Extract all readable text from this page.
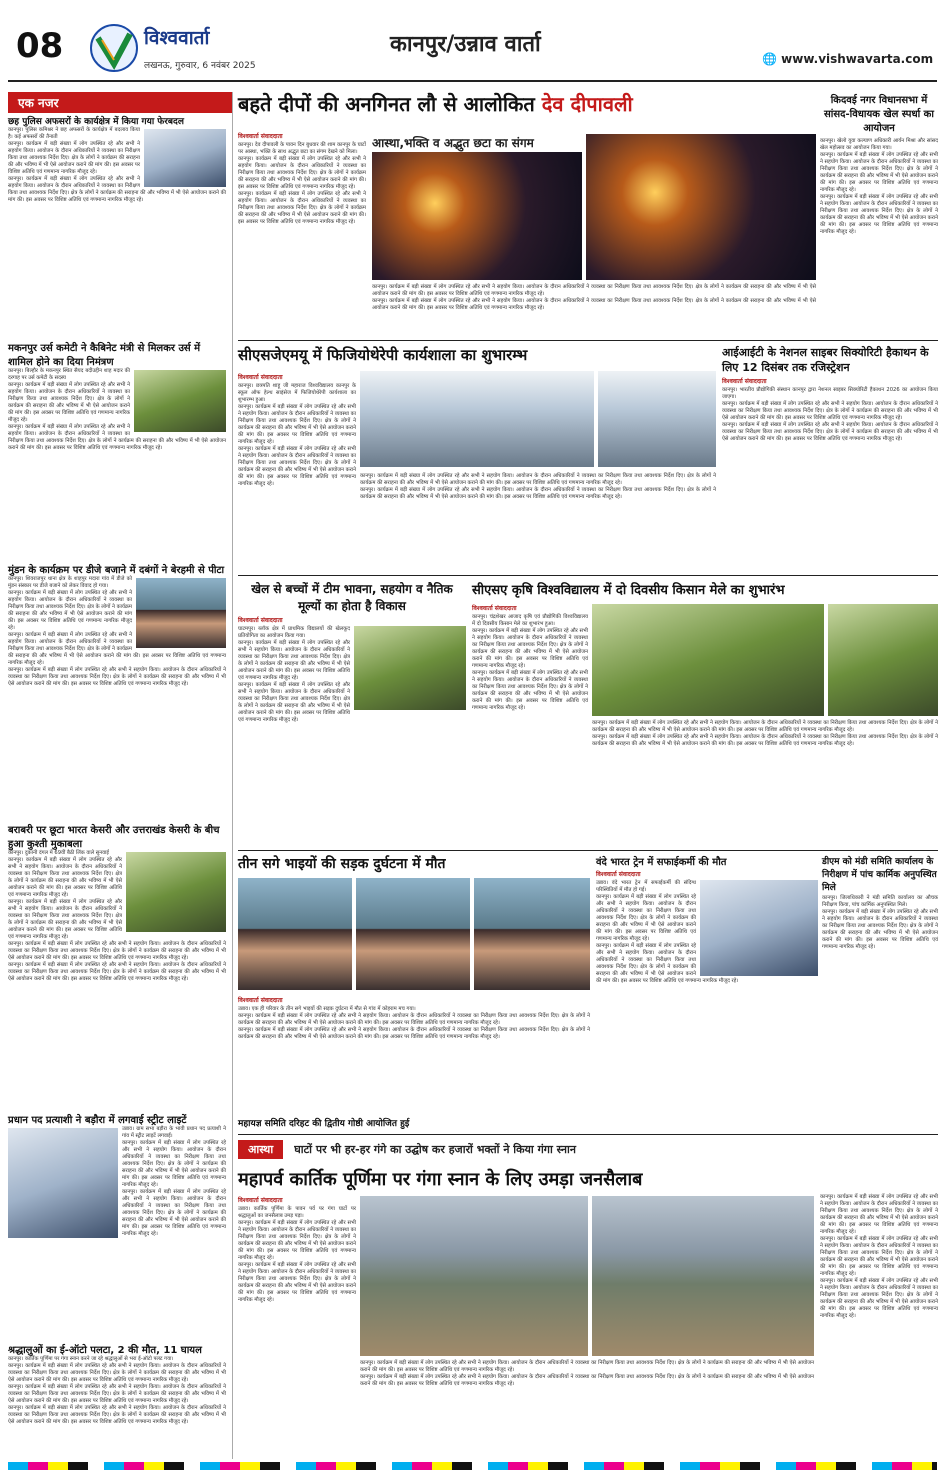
08	विश्ववार्ता
लखनऊ, गुरुवार, 6 नवंबर 2025
कानपुर/उन्नाव वार्ता
🌐 www.vishwavarta.com
एक नजर
छह पुलिस अफसरों के कार्यक्षेत्र में किया गया फेरबदल
कानपुर। पुलिस कमिश्नर ने छह अफसरों के कार्यक्षेत्र में बदलाव किया है। कई अफसरों की तैनाती
कानपुर। कार्यक्रम में बड़ी संख्या में लोग उपस्थित रहे और सभी ने सहयोग किया। आयोजन के दौरान अधिकारियों ने व्यवस्था का निरीक्षण किया तथा आवश्यक निर्देश दिए। क्षेत्र के लोगों ने कार्यक्रम की सराहना की और भविष्य में भी ऐसे आयोजन कराने की मांग की। इस अवसर पर विशिष्ट अतिथि एवं गणमान्य नागरिक मौजूद रहे।
कानपुर। कार्यक्रम में बड़ी संख्या में लोग उपस्थित रहे और सभी ने सहयोग किया। आयोजन के दौरान अधिकारियों ने व्यवस्था का निरीक्षण किया तथा आवश्यक निर्देश दिए। क्षेत्र के लोगों ने कार्यक्रम की सराहना की और भविष्य में भी ऐसे आयोजन कराने की मांग की। इस अवसर पर विशिष्ट अतिथि एवं गणमान्य नागरिक मौजूद रहे।
मकनपुर उर्स कमेटी ने कैबिनेट मंत्री से मिलकर उर्स में शामिल होने का दिया निमंत्रण
कानपुर। बिल्हौर के मकनपुर स्थित सैयद बदीउद्दीन शाह मदार की दरगाह पर उर्स कमेटी के सदस्य
कानपुर। कार्यक्रम में बड़ी संख्या में लोग उपस्थित रहे और सभी ने सहयोग किया। आयोजन के दौरान अधिकारियों ने व्यवस्था का निरीक्षण किया तथा आवश्यक निर्देश दिए। क्षेत्र के लोगों ने कार्यक्रम की सराहना की और भविष्य में भी ऐसे आयोजन कराने की मांग की। इस अवसर पर विशिष्ट अतिथि एवं गणमान्य नागरिक मौजूद रहे।
कानपुर। कार्यक्रम में बड़ी संख्या में लोग उपस्थित रहे और सभी ने सहयोग किया। आयोजन के दौरान अधिकारियों ने व्यवस्था का निरीक्षण किया तथा आवश्यक निर्देश दिए। क्षेत्र के लोगों ने कार्यक्रम की सराहना की और भविष्य में भी ऐसे आयोजन कराने की मांग की। इस अवसर पर विशिष्ट अतिथि एवं गणमान्य नागरिक मौजूद रहे।
मुंडन के कार्यक्रम पर डीजे बजाने में दबंगों ने बेरहमी से पीटा
कानपुर। शिवराजपुर थाना क्षेत्र के शाहपुर मदारा गांव में डीजे को मुंडन संस्कार पर डीजे बजाने को लेकर विवाद हो गया।
कानपुर। कार्यक्रम में बड़ी संख्या में लोग उपस्थित रहे और सभी ने सहयोग किया। आयोजन के दौरान अधिकारियों ने व्यवस्था का निरीक्षण किया तथा आवश्यक निर्देश दिए। क्षेत्र के लोगों ने कार्यक्रम की सराहना की और भविष्य में भी ऐसे आयोजन कराने की मांग की। इस अवसर पर विशिष्ट अतिथि एवं गणमान्य नागरिक मौजूद रहे।
कानपुर। कार्यक्रम में बड़ी संख्या में लोग उपस्थित रहे और सभी ने सहयोग किया। आयोजन के दौरान अधिकारियों ने व्यवस्था का निरीक्षण किया तथा आवश्यक निर्देश दिए। क्षेत्र के लोगों ने कार्यक्रम की सराहना की और भविष्य में भी ऐसे आयोजन कराने की मांग की। इस अवसर पर विशिष्ट अतिथि एवं गणमान्य नागरिक मौजूद रहे।
कानपुर। कार्यक्रम में बड़ी संख्या में लोग उपस्थित रहे और सभी ने सहयोग किया। आयोजन के दौरान अधिकारियों ने व्यवस्था का निरीक्षण किया तथा आवश्यक निर्देश दिए। क्षेत्र के लोगों ने कार्यक्रम की सराहना की और भविष्य में भी ऐसे आयोजन कराने की मांग की। इस अवसर पर विशिष्ट अतिथि एवं गणमान्य नागरिक मौजूद रहे।
बराबरी पर छूटा भारत केसरी और उत्तराखंड केसरी के बीच हुआ कुश्ती मुकाबला
कानपुर। दुकानी दंगल में 69वीं बैठी लिंक वाले सुनवाई
कानपुर। कार्यक्रम में बड़ी संख्या में लोग उपस्थित रहे और सभी ने सहयोग किया। आयोजन के दौरान अधिकारियों ने व्यवस्था का निरीक्षण किया तथा आवश्यक निर्देश दिए। क्षेत्र के लोगों ने कार्यक्रम की सराहना की और भविष्य में भी ऐसे आयोजन कराने की मांग की। इस अवसर पर विशिष्ट अतिथि एवं गणमान्य नागरिक मौजूद रहे।
कानपुर। कार्यक्रम में बड़ी संख्या में लोग उपस्थित रहे और सभी ने सहयोग किया। आयोजन के दौरान अधिकारियों ने व्यवस्था का निरीक्षण किया तथा आवश्यक निर्देश दिए। क्षेत्र के लोगों ने कार्यक्रम की सराहना की और भविष्य में भी ऐसे आयोजन कराने की मांग की। इस अवसर पर विशिष्ट अतिथि एवं गणमान्य नागरिक मौजूद रहे।
कानपुर। कार्यक्रम में बड़ी संख्या में लोग उपस्थित रहे और सभी ने सहयोग किया। आयोजन के दौरान अधिकारियों ने व्यवस्था का निरीक्षण किया तथा आवश्यक निर्देश दिए। क्षेत्र के लोगों ने कार्यक्रम की सराहना की और भविष्य में भी ऐसे आयोजन कराने की मांग की। इस अवसर पर विशिष्ट अतिथि एवं गणमान्य नागरिक मौजूद रहे।
कानपुर। कार्यक्रम में बड़ी संख्या में लोग उपस्थित रहे और सभी ने सहयोग किया। आयोजन के दौरान अधिकारियों ने व्यवस्था का निरीक्षण किया तथा आवश्यक निर्देश दिए। क्षेत्र के लोगों ने कार्यक्रम की सराहना की और भविष्य में भी ऐसे आयोजन कराने की मांग की। इस अवसर पर विशिष्ट अतिथि एवं गणमान्य नागरिक मौजूद रहे।
प्रधान पद प्रत्याशी ने बड़ौरा में लगवाई स्ट्रीट लाइटें
उन्नाव। ग्राम सभा बड़ौरा के भावी प्रधान पद प्रत्याशी ने गांव में स्ट्रीट लाइटें लगवाईं।
कानपुर। कार्यक्रम में बड़ी संख्या में लोग उपस्थित रहे और सभी ने सहयोग किया। आयोजन के दौरान अधिकारियों ने व्यवस्था का निरीक्षण किया तथा आवश्यक निर्देश दिए। क्षेत्र के लोगों ने कार्यक्रम की सराहना की और भविष्य में भी ऐसे आयोजन कराने की मांग की। इस अवसर पर विशिष्ट अतिथि एवं गणमान्य नागरिक मौजूद रहे।
कानपुर। कार्यक्रम में बड़ी संख्या में लोग उपस्थित रहे और सभी ने सहयोग किया। आयोजन के दौरान अधिकारियों ने व्यवस्था का निरीक्षण किया तथा आवश्यक निर्देश दिए। क्षेत्र के लोगों ने कार्यक्रम की सराहना की और भविष्य में भी ऐसे आयोजन कराने की मांग की। इस अवसर पर विशिष्ट अतिथि एवं गणमान्य नागरिक मौजूद रहे।
श्रद्धालुओं का ई-ऑटो पलटा, 2 की मौत, 11 घायल
कानपुर। कार्तिक पूर्णिमा पर गंगा स्नान करने जा रहे श्रद्धालुओं से भरा ई-ऑटो पलट गया।
कानपुर। कार्यक्रम में बड़ी संख्या में लोग उपस्थित रहे और सभी ने सहयोग किया। आयोजन के दौरान अधिकारियों ने व्यवस्था का निरीक्षण किया तथा आवश्यक निर्देश दिए। क्षेत्र के लोगों ने कार्यक्रम की सराहना की और भविष्य में भी ऐसे आयोजन कराने की मांग की। इस अवसर पर विशिष्ट अतिथि एवं गणमान्य नागरिक मौजूद रहे।
कानपुर। कार्यक्रम में बड़ी संख्या में लोग उपस्थित रहे और सभी ने सहयोग किया। आयोजन के दौरान अधिकारियों ने व्यवस्था का निरीक्षण किया तथा आवश्यक निर्देश दिए। क्षेत्र के लोगों ने कार्यक्रम की सराहना की और भविष्य में भी ऐसे आयोजन कराने की मांग की। इस अवसर पर विशिष्ट अतिथि एवं गणमान्य नागरिक मौजूद रहे।
कानपुर। कार्यक्रम में बड़ी संख्या में लोग उपस्थित रहे और सभी ने सहयोग किया। आयोजन के दौरान अधिकारियों ने व्यवस्था का निरीक्षण किया तथा आवश्यक निर्देश दिए। क्षेत्र के लोगों ने कार्यक्रम की सराहना की और भविष्य में भी ऐसे आयोजन कराने की मांग की। इस अवसर पर विशिष्ट अतिथि एवं गणमान्य नागरिक मौजूद रहे।
बहते दीपों की अनगिनत लौ से आलोकित देव दीपावली
विश्ववार्ता संवाददाता
कानपुर। देव दीपावली के पावन दिन बुधवार की शाम कानपुर के घाटों पर आस्था, भक्ति के साथ अद्भुत छटा का संगम देखने को मिला।
कानपुर। कार्यक्रम में बड़ी संख्या में लोग उपस्थित रहे और सभी ने सहयोग किया। आयोजन के दौरान अधिकारियों ने व्यवस्था का निरीक्षण किया तथा आवश्यक निर्देश दिए। क्षेत्र के लोगों ने कार्यक्रम की सराहना की और भविष्य में भी ऐसे आयोजन कराने की मांग की। इस अवसर पर विशिष्ट अतिथि एवं गणमान्य नागरिक मौजूद रहे।
कानपुर। कार्यक्रम में बड़ी संख्या में लोग उपस्थित रहे और सभी ने सहयोग किया। आयोजन के दौरान अधिकारियों ने व्यवस्था का निरीक्षण किया तथा आवश्यक निर्देश दिए। क्षेत्र के लोगों ने कार्यक्रम की सराहना की और भविष्य में भी ऐसे आयोजन कराने की मांग की। इस अवसर पर विशिष्ट अतिथि एवं गणमान्य नागरिक मौजूद रहे।
आस्था,भक्ति व अद्भुत छटा का संगम
कानपुर। कार्यक्रम में बड़ी संख्या में लोग उपस्थित रहे और सभी ने सहयोग किया। आयोजन के दौरान अधिकारियों ने व्यवस्था का निरीक्षण किया तथा आवश्यक निर्देश दिए। क्षेत्र के लोगों ने कार्यक्रम की सराहना की और भविष्य में भी ऐसे आयोजन कराने की मांग की। इस अवसर पर विशिष्ट अतिथि एवं गणमान्य नागरिक मौजूद रहे।
कानपुर। कार्यक्रम में बड़ी संख्या में लोग उपस्थित रहे और सभी ने सहयोग किया। आयोजन के दौरान अधिकारियों ने व्यवस्था का निरीक्षण किया तथा आवश्यक निर्देश दिए। क्षेत्र के लोगों ने कार्यक्रम की सराहना की और भविष्य में भी ऐसे आयोजन कराने की मांग की। इस अवसर पर विशिष्ट अतिथि एवं गणमान्य नागरिक मौजूद रहे।
किदवई नगर विधानसभा में सांसद-विधायक खेल स्पर्धा का आयोजन
कानपुर। खेलो युवा कल्याण अधिकारी आर्यन मिश्रा और सांसद खेल महोत्सव का आयोजन किया गया।
कानपुर। कार्यक्रम में बड़ी संख्या में लोग उपस्थित रहे और सभी ने सहयोग किया। आयोजन के दौरान अधिकारियों ने व्यवस्था का निरीक्षण किया तथा आवश्यक निर्देश दिए। क्षेत्र के लोगों ने कार्यक्रम की सराहना की और भविष्य में भी ऐसे आयोजन कराने की मांग की। इस अवसर पर विशिष्ट अतिथि एवं गणमान्य नागरिक मौजूद रहे।
कानपुर। कार्यक्रम में बड़ी संख्या में लोग उपस्थित रहे और सभी ने सहयोग किया। आयोजन के दौरान अधिकारियों ने व्यवस्था का निरीक्षण किया तथा आवश्यक निर्देश दिए। क्षेत्र के लोगों ने कार्यक्रम की सराहना की और भविष्य में भी ऐसे आयोजन कराने की मांग की। इस अवसर पर विशिष्ट अतिथि एवं गणमान्य नागरिक मौजूद रहे।
सीएसजेएमयू में फिजियोथेरेपी कार्यशाला का शुभारम्भ
विश्ववार्ता संवाददाता
कानपुर। छत्रपति शाहू जी महाराज विश्वविद्यालय कानपुर के स्कूल ऑफ हेल्थ साइंसेज में फिजियोथेरेपी कार्यशाला का शुभारम्भ हुआ।
कानपुर। कार्यक्रम में बड़ी संख्या में लोग उपस्थित रहे और सभी ने सहयोग किया। आयोजन के दौरान अधिकारियों ने व्यवस्था का निरीक्षण किया तथा आवश्यक निर्देश दिए। क्षेत्र के लोगों ने कार्यक्रम की सराहना की और भविष्य में भी ऐसे आयोजन कराने की मांग की। इस अवसर पर विशिष्ट अतिथि एवं गणमान्य नागरिक मौजूद रहे।
कानपुर। कार्यक्रम में बड़ी संख्या में लोग उपस्थित रहे और सभी ने सहयोग किया। आयोजन के दौरान अधिकारियों ने व्यवस्था का निरीक्षण किया तथा आवश्यक निर्देश दिए। क्षेत्र के लोगों ने कार्यक्रम की सराहना की और भविष्य में भी ऐसे आयोजन कराने की मांग की। इस अवसर पर विशिष्ट अतिथि एवं गणमान्य नागरिक मौजूद रहे।
कानपुर। कार्यक्रम में बड़ी संख्या में लोग उपस्थित रहे और सभी ने सहयोग किया। आयोजन के दौरान अधिकारियों ने व्यवस्था का निरीक्षण किया तथा आवश्यक निर्देश दिए। क्षेत्र के लोगों ने कार्यक्रम की सराहना की और भविष्य में भी ऐसे आयोजन कराने की मांग की। इस अवसर पर विशिष्ट अतिथि एवं गणमान्य नागरिक मौजूद रहे।
कानपुर। कार्यक्रम में बड़ी संख्या में लोग उपस्थित रहे और सभी ने सहयोग किया। आयोजन के दौरान अधिकारियों ने व्यवस्था का निरीक्षण किया तथा आवश्यक निर्देश दिए। क्षेत्र के लोगों ने कार्यक्रम की सराहना की और भविष्य में भी ऐसे आयोजन कराने की मांग की। इस अवसर पर विशिष्ट अतिथि एवं गणमान्य नागरिक मौजूद रहे।
आईआईटी के नेशनल साइबर सिक्योरिटी हैकाथन के लिए 12 दिसंबर तक रजिस्ट्रेशन
विश्ववार्ता संवाददाता
कानपुर। भारतीय प्रौद्योगिकी संस्थान कानपुर द्वारा नेशनल साइबर सिक्योरिटी हैकाथन 2026 का आयोजन किया जाएगा।
कानपुर। कार्यक्रम में बड़ी संख्या में लोग उपस्थित रहे और सभी ने सहयोग किया। आयोजन के दौरान अधिकारियों ने व्यवस्था का निरीक्षण किया तथा आवश्यक निर्देश दिए। क्षेत्र के लोगों ने कार्यक्रम की सराहना की और भविष्य में भी ऐसे आयोजन कराने की मांग की। इस अवसर पर विशिष्ट अतिथि एवं गणमान्य नागरिक मौजूद रहे।
कानपुर। कार्यक्रम में बड़ी संख्या में लोग उपस्थित रहे और सभी ने सहयोग किया। आयोजन के दौरान अधिकारियों ने व्यवस्था का निरीक्षण किया तथा आवश्यक निर्देश दिए। क्षेत्र के लोगों ने कार्यक्रम की सराहना की और भविष्य में भी ऐसे आयोजन कराने की मांग की। इस अवसर पर विशिष्ट अतिथि एवं गणमान्य नागरिक मौजूद रहे।
खेल से बच्चों में टीम भावना, सहयोग व नैतिक मूल्यों का होता है विकास
विश्ववार्ता संवाददाता
घाटमपुर। ब्लॉक क्षेत्र में प्राथमिक विद्यालयों की खेलकूद प्रतियोगिता का आयोजन किया गया।
कानपुर। कार्यक्रम में बड़ी संख्या में लोग उपस्थित रहे और सभी ने सहयोग किया। आयोजन के दौरान अधिकारियों ने व्यवस्था का निरीक्षण किया तथा आवश्यक निर्देश दिए। क्षेत्र के लोगों ने कार्यक्रम की सराहना की और भविष्य में भी ऐसे आयोजन कराने की मांग की। इस अवसर पर विशिष्ट अतिथि एवं गणमान्य नागरिक मौजूद रहे।
कानपुर। कार्यक्रम में बड़ी संख्या में लोग उपस्थित रहे और सभी ने सहयोग किया। आयोजन के दौरान अधिकारियों ने व्यवस्था का निरीक्षण किया तथा आवश्यक निर्देश दिए। क्षेत्र के लोगों ने कार्यक्रम की सराहना की और भविष्य में भी ऐसे आयोजन कराने की मांग की। इस अवसर पर विशिष्ट अतिथि एवं गणमान्य नागरिक मौजूद रहे।
सीएसए कृषि विश्वविद्यालय में दो दिवसीय किसान मेले का शुभारंभ
विश्ववार्ता संवाददाता
कानपुर। चंद्रशेखर आजाद कृषि एवं प्रौद्योगिकी विश्वविद्यालय में दो दिवसीय किसान मेले का शुभारंभ हुआ।
कानपुर। कार्यक्रम में बड़ी संख्या में लोग उपस्थित रहे और सभी ने सहयोग किया। आयोजन के दौरान अधिकारियों ने व्यवस्था का निरीक्षण किया तथा आवश्यक निर्देश दिए। क्षेत्र के लोगों ने कार्यक्रम की सराहना की और भविष्य में भी ऐसे आयोजन कराने की मांग की। इस अवसर पर विशिष्ट अतिथि एवं गणमान्य नागरिक मौजूद रहे।
कानपुर। कार्यक्रम में बड़ी संख्या में लोग उपस्थित रहे और सभी ने सहयोग किया। आयोजन के दौरान अधिकारियों ने व्यवस्था का निरीक्षण किया तथा आवश्यक निर्देश दिए। क्षेत्र के लोगों ने कार्यक्रम की सराहना की और भविष्य में भी ऐसे आयोजन कराने की मांग की। इस अवसर पर विशिष्ट अतिथि एवं गणमान्य नागरिक मौजूद रहे।
कानपुर। कार्यक्रम में बड़ी संख्या में लोग उपस्थित रहे और सभी ने सहयोग किया। आयोजन के दौरान अधिकारियों ने व्यवस्था का निरीक्षण किया तथा आवश्यक निर्देश दिए। क्षेत्र के लोगों ने कार्यक्रम की सराहना की और भविष्य में भी ऐसे आयोजन कराने की मांग की। इस अवसर पर विशिष्ट अतिथि एवं गणमान्य नागरिक मौजूद रहे।
कानपुर। कार्यक्रम में बड़ी संख्या में लोग उपस्थित रहे और सभी ने सहयोग किया। आयोजन के दौरान अधिकारियों ने व्यवस्था का निरीक्षण किया तथा आवश्यक निर्देश दिए। क्षेत्र के लोगों ने कार्यक्रम की सराहना की और भविष्य में भी ऐसे आयोजन कराने की मांग की। इस अवसर पर विशिष्ट अतिथि एवं गणमान्य नागरिक मौजूद रहे।
तीन सगे भाइयों की सड़क दुर्घटना में मौत
विश्ववार्ता संवाददाता
उन्नाव। एक ही परिवार के तीन सगे भाइयों की सड़क दुर्घटना में मौत से गांव में कोहराम मच गया।
कानपुर। कार्यक्रम में बड़ी संख्या में लोग उपस्थित रहे और सभी ने सहयोग किया। आयोजन के दौरान अधिकारियों ने व्यवस्था का निरीक्षण किया तथा आवश्यक निर्देश दिए। क्षेत्र के लोगों ने कार्यक्रम की सराहना की और भविष्य में भी ऐसे आयोजन कराने की मांग की। इस अवसर पर विशिष्ट अतिथि एवं गणमान्य नागरिक मौजूद रहे।
कानपुर। कार्यक्रम में बड़ी संख्या में लोग उपस्थित रहे और सभी ने सहयोग किया। आयोजन के दौरान अधिकारियों ने व्यवस्था का निरीक्षण किया तथा आवश्यक निर्देश दिए। क्षेत्र के लोगों ने कार्यक्रम की सराहना की और भविष्य में भी ऐसे आयोजन कराने की मांग की। इस अवसर पर विशिष्ट अतिथि एवं गणमान्य नागरिक मौजूद रहे।
वंदे भारत ट्रेन में सफाईकर्मी की मौत
विश्ववार्ता संवाददाता
उन्नाव। वंदे भारत ट्रेन में सफाईकर्मी की संदिग्ध परिस्थितियों में मौत हो गई।
कानपुर। कार्यक्रम में बड़ी संख्या में लोग उपस्थित रहे और सभी ने सहयोग किया। आयोजन के दौरान अधिकारियों ने व्यवस्था का निरीक्षण किया तथा आवश्यक निर्देश दिए। क्षेत्र के लोगों ने कार्यक्रम की सराहना की और भविष्य में भी ऐसे आयोजन कराने की मांग की। इस अवसर पर विशिष्ट अतिथि एवं गणमान्य नागरिक मौजूद रहे।
कानपुर। कार्यक्रम में बड़ी संख्या में लोग उपस्थित रहे और सभी ने सहयोग किया। आयोजन के दौरान अधिकारियों ने व्यवस्था का निरीक्षण किया तथा आवश्यक निर्देश दिए। क्षेत्र के लोगों ने कार्यक्रम की सराहना की और भविष्य में भी ऐसे आयोजन कराने की मांग की। इस अवसर पर विशिष्ट अतिथि एवं गणमान्य नागरिक मौजूद रहे।
डीएम को मंडी समिति कार्यालय के निरीक्षण में पांच कार्मिक अनुपस्थित मिले
कानपुर। जिलाधिकारी ने मंडी समिति कार्यालय का औचक निरीक्षण किया, पांच कार्मिक अनुपस्थित मिले।
कानपुर। कार्यक्रम में बड़ी संख्या में लोग उपस्थित रहे और सभी ने सहयोग किया। आयोजन के दौरान अधिकारियों ने व्यवस्था का निरीक्षण किया तथा आवश्यक निर्देश दिए। क्षेत्र के लोगों ने कार्यक्रम की सराहना की और भविष्य में भी ऐसे आयोजन कराने की मांग की। इस अवसर पर विशिष्ट अतिथि एवं गणमान्य नागरिक मौजूद रहे।
महायज्ञ समिति दरिहट की द्वितीय गोष्ठी आयोजित हुई
आस्था घाटों पर भी हर-हर गंगे का उद्घोष कर हजारों भक्तों ने किया गंगा स्नान
महापर्व कार्तिक पूर्णिमा पर गंगा स्नान के लिए उमड़ा जनसैलाब
विश्ववार्ता संवाददाता
उन्नाव। कार्तिक पूर्णिमा के पावन पर्व पर गंगा घाटों पर श्रद्धालुओं का जनसैलाब उमड़ पड़ा।
कानपुर। कार्यक्रम में बड़ी संख्या में लोग उपस्थित रहे और सभी ने सहयोग किया। आयोजन के दौरान अधिकारियों ने व्यवस्था का निरीक्षण किया तथा आवश्यक निर्देश दिए। क्षेत्र के लोगों ने कार्यक्रम की सराहना की और भविष्य में भी ऐसे आयोजन कराने की मांग की। इस अवसर पर विशिष्ट अतिथि एवं गणमान्य नागरिक मौजूद रहे।
कानपुर। कार्यक्रम में बड़ी संख्या में लोग उपस्थित रहे और सभी ने सहयोग किया। आयोजन के दौरान अधिकारियों ने व्यवस्था का निरीक्षण किया तथा आवश्यक निर्देश दिए। क्षेत्र के लोगों ने कार्यक्रम की सराहना की और भविष्य में भी ऐसे आयोजन कराने की मांग की। इस अवसर पर विशिष्ट अतिथि एवं गणमान्य नागरिक मौजूद रहे।
कानपुर। कार्यक्रम में बड़ी संख्या में लोग उपस्थित रहे और सभी ने सहयोग किया। आयोजन के दौरान अधिकारियों ने व्यवस्था का निरीक्षण किया तथा आवश्यक निर्देश दिए। क्षेत्र के लोगों ने कार्यक्रम की सराहना की और भविष्य में भी ऐसे आयोजन कराने की मांग की। इस अवसर पर विशिष्ट अतिथि एवं गणमान्य नागरिक मौजूद रहे।
कानपुर। कार्यक्रम में बड़ी संख्या में लोग उपस्थित रहे और सभी ने सहयोग किया। आयोजन के दौरान अधिकारियों ने व्यवस्था का निरीक्षण किया तथा आवश्यक निर्देश दिए। क्षेत्र के लोगों ने कार्यक्रम की सराहना की और भविष्य में भी ऐसे आयोजन कराने की मांग की। इस अवसर पर विशिष्ट अतिथि एवं गणमान्य नागरिक मौजूद रहे।
कानपुर। कार्यक्रम में बड़ी संख्या में लोग उपस्थित रहे और सभी ने सहयोग किया। आयोजन के दौरान अधिकारियों ने व्यवस्था का निरीक्षण किया तथा आवश्यक निर्देश दिए। क्षेत्र के लोगों ने कार्यक्रम की सराहना की और भविष्य में भी ऐसे आयोजन कराने की मांग की। इस अवसर पर विशिष्ट अतिथि एवं गणमान्य नागरिक मौजूद रहे।
कानपुर। कार्यक्रम में बड़ी संख्या में लोग उपस्थित रहे और सभी ने सहयोग किया। आयोजन के दौरान अधिकारियों ने व्यवस्था का निरीक्षण किया तथा आवश्यक निर्देश दिए। क्षेत्र के लोगों ने कार्यक्रम की सराहना की और भविष्य में भी ऐसे आयोजन कराने की मांग की। इस अवसर पर विशिष्ट अतिथि एवं गणमान्य नागरिक मौजूद रहे।
कानपुर। कार्यक्रम में बड़ी संख्या में लोग उपस्थित रहे और सभी ने सहयोग किया। आयोजन के दौरान अधिकारियों ने व्यवस्था का निरीक्षण किया तथा आवश्यक निर्देश दिए। क्षेत्र के लोगों ने कार्यक्रम की सराहना की और भविष्य में भी ऐसे आयोजन कराने की मांग की। इस अवसर पर विशिष्ट अतिथि एवं गणमान्य नागरिक मौजूद रहे।
